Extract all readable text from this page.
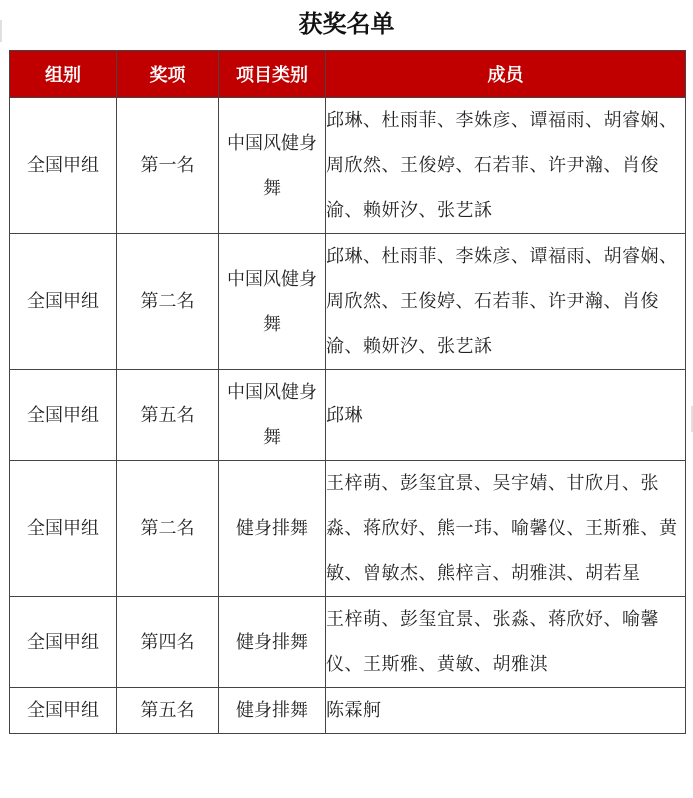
获奖名单
组别	奖项	项目类别	成员
全国甲组	第一名	中国风健身舞	邱琳、杜雨菲、李姝彦、谭福雨、胡睿娴、周欣然、王俊婷、石若菲、许尹瀚、肖俊渝、赖妍汐、张艺訸
全国甲组	第二名	中国风健身舞	邱琳、杜雨菲、李姝彦、谭福雨、胡睿娴、周欣然、王俊婷、石若菲、许尹瀚、肖俊渝、赖妍汐、张艺訸
全国甲组	第五名	中国风健身舞	邱琳
全国甲组	第二名	健身排舞	王梓萌、彭玺宜景、吴宇婧、甘欣月、张淼、蒋欣妤、熊一玮、喻馨仪、王斯雅、黄敏、曾敏杰、熊梓言、胡雅淇、胡若星
全国甲组	第四名	健身排舞	王梓萌、彭玺宜景、张淼、蒋欣妤、喻馨仪、王斯雅、黄敏、胡雅淇
全国甲组	第五名	健身排舞	陈霖舸
